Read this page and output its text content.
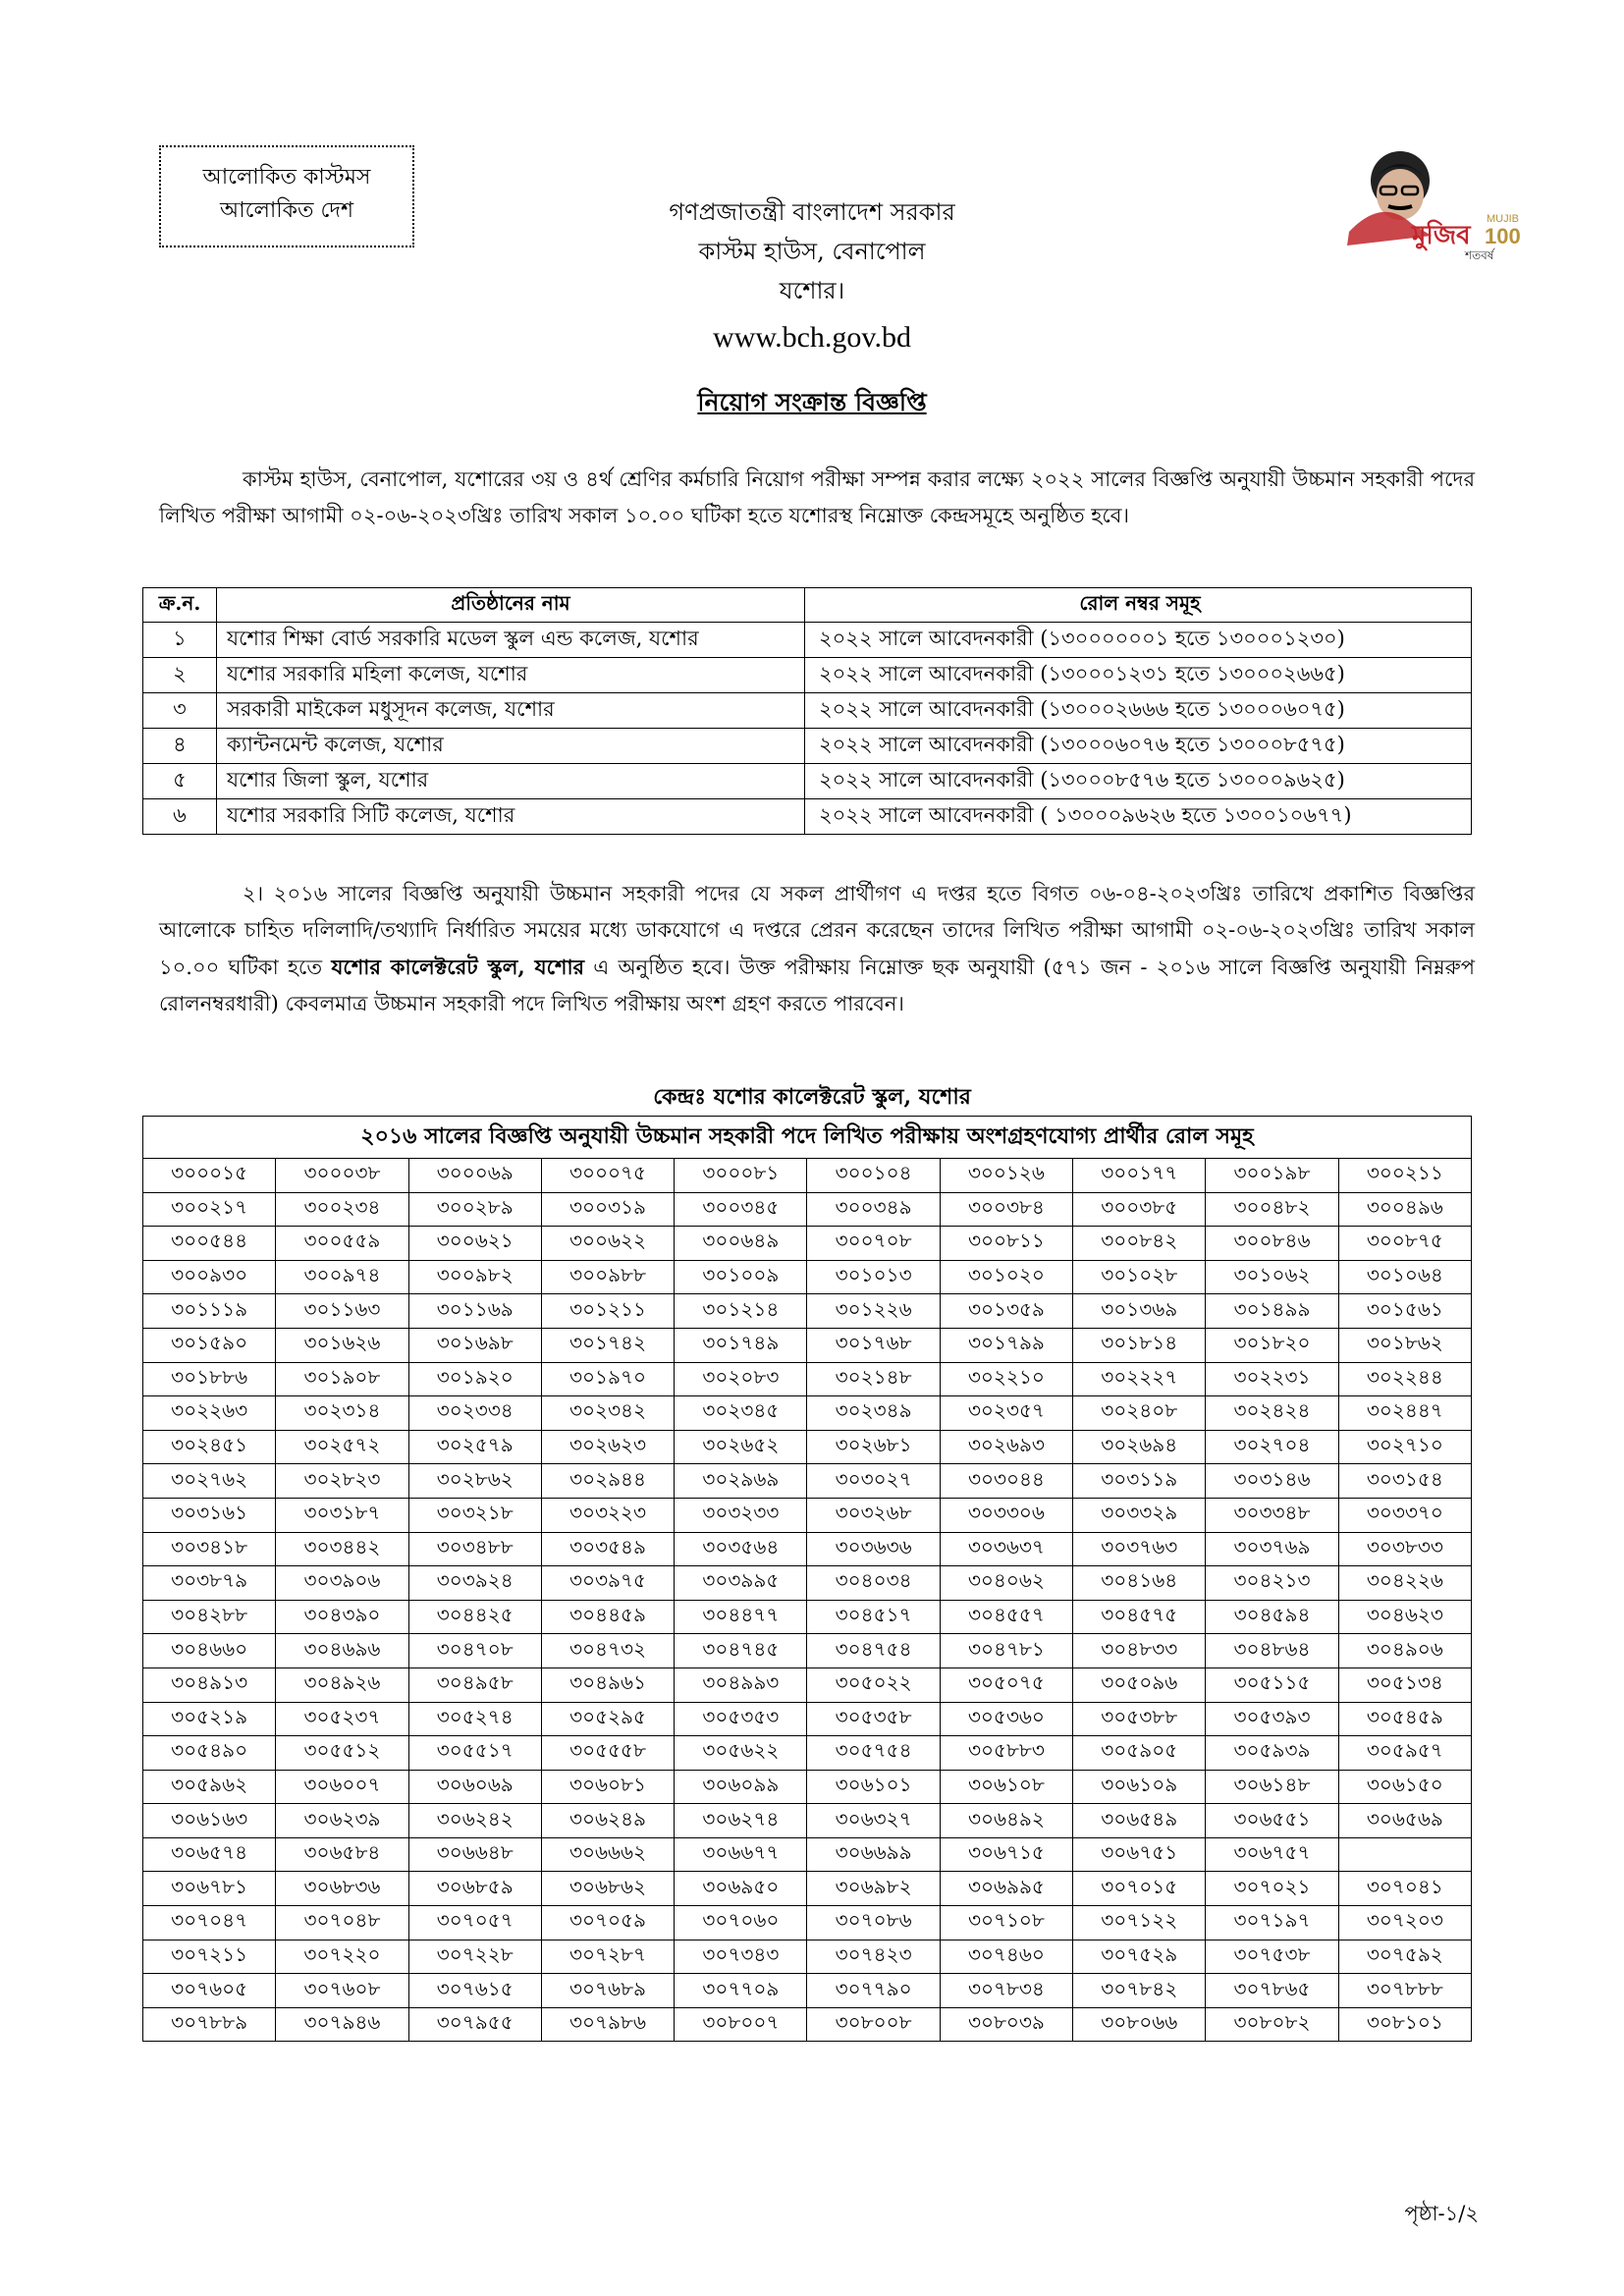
আলোকিত কাস্টমস
আলোকিত দেশ
মুজিব
শতবর্ষ
MUJIB
100
গণপ্রজাতন্ত্রী বাংলাদেশ সরকার
কাস্টম হাউস, বেনাপোল
যশোর।
www.bch.gov.bd
নিয়োগ সংক্রান্ত বিজ্ঞপ্তি
কাস্টম হাউস, বেনাপোল, যশোরের ৩য় ও ৪র্থ শ্রেণির কর্মচারি নিয়োগ পরীক্ষা সম্পন্ন করার লক্ষ্যে ২০২২ সালের বিজ্ঞপ্তি অনুযায়ী উচ্চমান সহকারী পদের লিখিত পরীক্ষা আগামী ০২-০৬-২০২৩খ্রিঃ তারিখ সকাল ১০.০০ ঘটিকা হতে যশোরস্থ নিম্নোক্ত কেন্দ্রসমূহে অনুষ্ঠিত হবে।
ক্র.ন.	প্রতিষ্ঠানের নাম	রোল নম্বর সমূহ
১	যশোর শিক্ষা বোর্ড সরকারি মডেল স্কুল এন্ড কলেজ, যশোর	২০২২ সালে আবেদনকারী (১৩০০০০০০১ হতে ১৩০০০১২৩০)
২	যশোর সরকারি মহিলা কলেজ, যশোর	২০২২ সালে আবেদনকারী (১৩০০০১২৩১ হতে ১৩০০০২৬৬৫)
৩	সরকারী মাইকেল মধুসূদন কলেজ, যশোর	২০২২ সালে আবেদনকারী (১৩০০০২৬৬৬ হতে ১৩০০০৬০৭৫)
৪	ক্যান্টনমেন্ট কলেজ, যশোর	২০২২ সালে আবেদনকারী (১৩০০০৬০৭৬ হতে ১৩০০০৮৫৭৫)
৫	যশোর জিলা স্কুল, যশোর	২০২২ সালে আবেদনকারী (১৩০০০৮৫৭৬ হতে ১৩০০০৯৬২৫)
৬	যশোর সরকারি সিটি কলেজ, যশোর	২০২২ সালে আবেদনকারী ( ১৩০০০৯৬২৬ হতে ১৩০০১০৬৭৭)
২। ২০১৬ সালের বিজ্ঞপ্তি অনুযায়ী উচ্চমান সহকারী পদের যে সকল প্রার্থীগণ এ দপ্তর হতে বিগত ০৬-০৪-২০২৩খ্রিঃ তারিখে প্রকাশিত বিজ্ঞপ্তির আলোকে চাহিত দলিলাদি/তথ্যাদি নির্ধারিত সময়ের মধ্যে ডাকযোগে এ দপ্তরে প্রেরন করেছেন তাদের লিখিত পরীক্ষা আগামী ০২-০৬-২০২৩খ্রিঃ তারিখ সকাল ১০.০০ ঘটিকা হতে যশোর কালেক্টরেট স্কুল, যশোর এ অনুষ্ঠিত হবে। উক্ত পরীক্ষায় নিম্নোক্ত ছক অনুযায়ী (৫৭১ জন - ২০১৬ সালে বিজ্ঞপ্তি অনুযায়ী নিম্নরুপ রোলনম্বরধারী) কেবলমাত্র উচ্চমান সহকারী পদে লিখিত পরীক্ষায় অংশ গ্রহণ করতে পারবেন।
কেন্দ্রঃ যশোর কালেক্টরেট স্কুল, যশোর
২০১৬ সালের বিজ্ঞপ্তি অনুযায়ী উচ্চমান সহকারী পদে লিখিত পরীক্ষায় অংশগ্রহণযোগ্য প্রার্থীর রোল সমূহ									
৩০০০১৫	৩০০০৩৮	৩০০০৬৯	৩০০০৭৫	৩০০০৮১	৩০০১০৪	৩০০১২৬	৩০০১৭৭	৩০০১৯৮	৩০০২১১
৩০০২১৭	৩০০২৩৪	৩০০২৮৯	৩০০৩১৯	৩০০৩৪৫	৩০০৩৪৯	৩০০৩৮৪	৩০০৩৮৫	৩০০৪৮২	৩০০৪৯৬
৩০০৫৪৪	৩০০৫৫৯	৩০০৬২১	৩০০৬২২	৩০০৬৪৯	৩০০৭০৮	৩০০৮১১	৩০০৮৪২	৩০০৮৪৬	৩০০৮৭৫
৩০০৯৩০	৩০০৯৭৪	৩০০৯৮২	৩০০৯৮৮	৩০১০০৯	৩০১০১৩	৩০১০২০	৩০১০২৮	৩০১০৬২	৩০১০৬৪
৩০১১১৯	৩০১১৬৩	৩০১১৬৯	৩০১২১১	৩০১২১৪	৩০১২২৬	৩০১৩৫৯	৩০১৩৬৯	৩০১৪৯৯	৩০১৫৬১
৩০১৫৯০	৩০১৬২৬	৩০১৬৯৮	৩০১৭৪২	৩০১৭৪৯	৩০১৭৬৮	৩০১৭৯৯	৩০১৮১৪	৩০১৮২০	৩০১৮৬২
৩০১৮৮৬	৩০১৯০৮	৩০১৯২০	৩০১৯৭০	৩০২০৮৩	৩০২১৪৮	৩০২২১০	৩০২২২৭	৩০২২৩১	৩০২২৪৪
৩০২২৬৩	৩০২৩১৪	৩০২৩৩৪	৩০২৩৪২	৩০২৩৪৫	৩০২৩৪৯	৩০২৩৫৭	৩০২৪০৮	৩০২৪২৪	৩০২৪৪৭
৩০২৪৫১	৩০২৫৭২	৩০২৫৭৯	৩০২৬২৩	৩০২৬৫২	৩০২৬৮১	৩০২৬৯৩	৩০২৬৯৪	৩০২৭০৪	৩০২৭১০
৩০২৭৬২	৩০২৮২৩	৩০২৮৬২	৩০২৯৪৪	৩০২৯৬৯	৩০৩০২৭	৩০৩০৪৪	৩০৩১১৯	৩০৩১৪৬	৩০৩১৫৪
৩০৩১৬১	৩০৩১৮৭	৩০৩২১৮	৩০৩২২৩	৩০৩২৩৩	৩০৩২৬৮	৩০৩৩০৬	৩০৩৩২৯	৩০৩৩৪৮	৩০৩৩৭০
৩০৩৪১৮	৩০৩৪৪২	৩০৩৪৮৮	৩০৩৫৪৯	৩০৩৫৬৪	৩০৩৬৩৬	৩০৩৬৩৭	৩০৩৭৬৩	৩০৩৭৬৯	৩০৩৮৩৩
৩০৩৮৭৯	৩০৩৯০৬	৩০৩৯২৪	৩০৩৯৭৫	৩০৩৯৯৫	৩০৪০৩৪	৩০৪০৬২	৩০৪১৬৪	৩০৪২১৩	৩০৪২২৬
৩০৪২৮৮	৩০৪৩৯০	৩০৪৪২৫	৩০৪৪৫৯	৩০৪৪৭৭	৩০৪৫১৭	৩০৪৫৫৭	৩০৪৫৭৫	৩০৪৫৯৪	৩০৪৬২৩
৩০৪৬৬০	৩০৪৬৯৬	৩০৪৭০৮	৩০৪৭৩২	৩০৪৭৪৫	৩০৪৭৫৪	৩০৪৭৮১	৩০৪৮৩৩	৩০৪৮৬৪	৩০৪৯০৬
৩০৪৯১৩	৩০৪৯২৬	৩০৪৯৫৮	৩০৪৯৬১	৩০৪৯৯৩	৩০৫০২২	৩০৫০৭৫	৩০৫০৯৬	৩০৫১১৫	৩০৫১৩৪
৩০৫২১৯	৩০৫২৩৭	৩০৫২৭৪	৩০৫২৯৫	৩০৫৩৫৩	৩০৫৩৫৮	৩০৫৩৬০	৩০৫৩৮৮	৩০৫৩৯৩	৩০৫৪৫৯
৩০৫৪৯০	৩০৫৫১২	৩০৫৫১৭	৩০৫৫৫৮	৩০৫৬২২	৩০৫৭৫৪	৩০৫৮৮৩	৩০৫৯০৫	৩০৫৯৩৯	৩০৫৯৫৭
৩০৫৯৬২	৩০৬০০৭	৩০৬০৬৯	৩০৬০৮১	৩০৬০৯৯	৩০৬১০১	৩০৬১০৮	৩০৬১০৯	৩০৬১৪৮	৩০৬১৫০
৩০৬১৬৩	৩০৬২৩৯	৩০৬২৪২	৩০৬২৪৯	৩০৬২৭৪	৩০৬৩২৭	৩০৬৪৯২	৩০৬৫৪৯	৩০৬৫৫১	৩০৬৫৬৯
৩০৬৫৭৪	৩০৬৫৮৪	৩০৬৬৪৮	৩০৬৬৬২	৩০৬৬৭৭	৩০৬৬৯৯	৩০৬৭১৫	৩০৬৭৫১	৩০৬৭৫৭	
৩০৬৭৮১	৩০৬৮৩৬	৩০৬৮৫৯	৩০৬৮৬২	৩০৬৯৫০	৩০৬৯৮২	৩০৬৯৯৫	৩০৭০১৫	৩০৭০২১	৩০৭০৪১
৩০৭০৪৭	৩০৭০৪৮	৩০৭০৫৭	৩০৭০৫৯	৩০৭০৬০	৩০৭০৮৬	৩০৭১০৮	৩০৭১২২	৩০৭১৯৭	৩০৭২০৩
৩০৭২১১	৩০৭২২০	৩০৭২২৮	৩০৭২৮৭	৩০৭৩৪৩	৩০৭৪২৩	৩০৭৪৬০	৩০৭৫২৯	৩০৭৫৩৮	৩০৭৫৯২
৩০৭৬০৫	৩০৭৬০৮	৩০৭৬১৫	৩০৭৬৮৯	৩০৭৭০৯	৩০৭৭৯০	৩০৭৮৩৪	৩০৭৮৪২	৩০৭৮৬৫	৩০৭৮৮৮
৩০৭৮৮৯	৩০৭৯৪৬	৩০৭৯৫৫	৩০৭৯৮৬	৩০৮০০৭	৩০৮০০৮	৩০৮০৩৯	৩০৮০৬৬	৩০৮০৮২	৩০৮১০১
পৃষ্ঠা-১/২
